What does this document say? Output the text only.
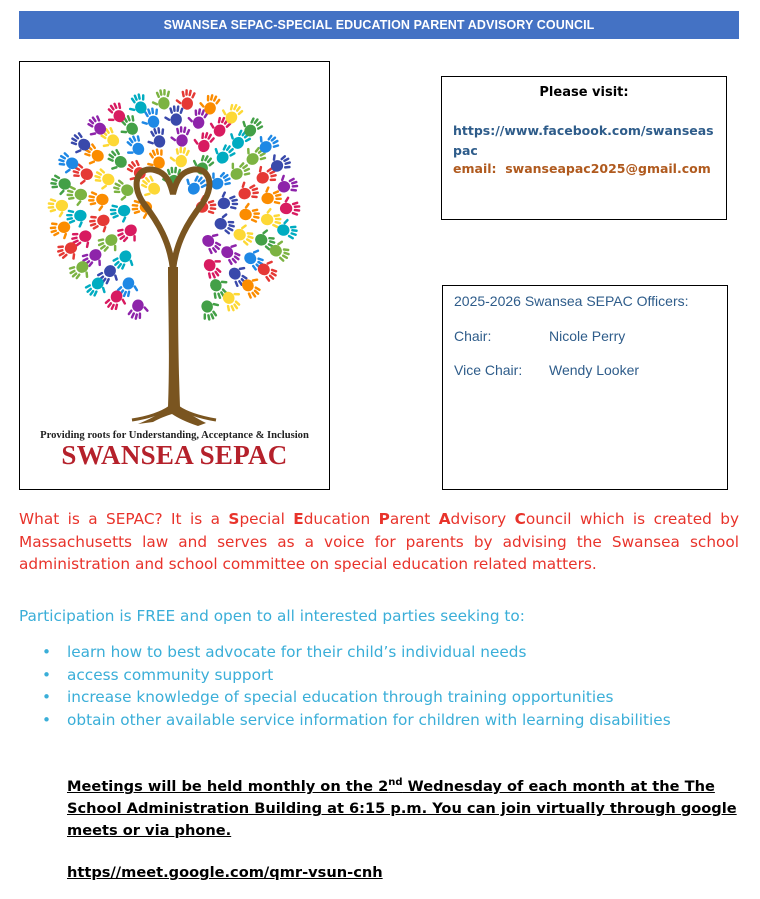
SWANSEA SEPAC-SPECIAL EDUCATION PARENT ADVISORY COUNCIL
Providing roots for Understanding, Acceptance & Inclusion
SWANSEA SEPAC
Please visit:
https://www.facebook.com/swanseaspac
email: swanseapac2025@gmail.com
2025-2026 Swansea SEPAC Officers:
Chair:	Nicole Perry
Vice Chair: Wendy Looker
What is a SEPAC? It is a Special Education Parent Advisory Council which is created by Massachusetts law and serves as a voice for parents by advising the Swansea school administration and school committee on special education related matters.
Participation is FREE and open to all interested parties seeking to:
• learn how to best advocate for their child’s individual needs
• access community support
• increase knowledge of special education through training opportunities
• obtain other available service information for children with learning disabilities
Meetings will be held monthly on the 2nd Wednesday of each month at the The School Administration Building at 6:15 p.m. You can join virtually through google meets or via phone.
https//meet.google.com/qmr-vsun-cnh
